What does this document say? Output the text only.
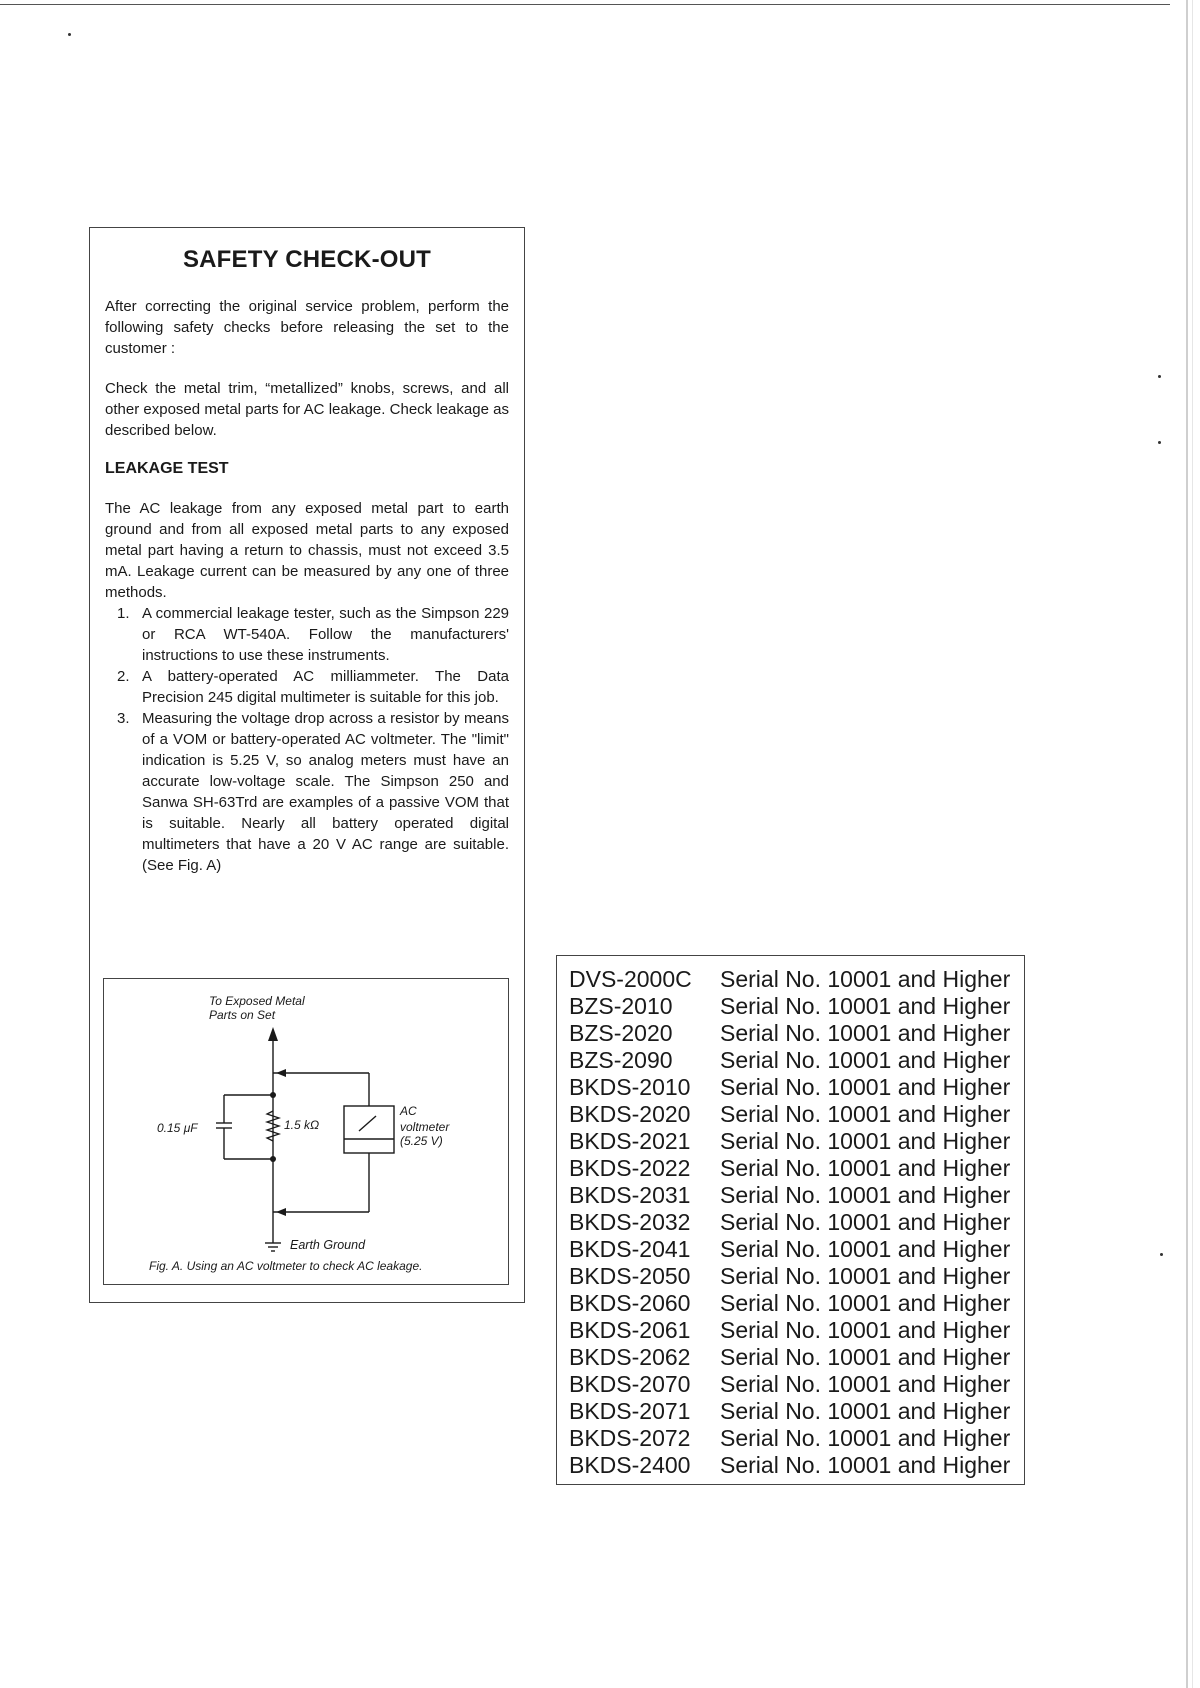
SAFETY CHECK-OUT

After correcting the original service problem, perform the following safety checks before releasing the set to the customer :

Check the metal trim, “metallized” knobs, screws, and all other exposed metal parts for AC leakage. Check leakage as described below.

LEAKAGE TEST

The AC leakage from any exposed metal part to earth ground and from all exposed metal parts to any exposed metal part having a return to chassis, must not exceed 3.5 mA. Leakage current can be measured by any one of three methods.

1. A commercial leakage tester, such as the Simpson 229 or RCA WT-540A. Follow the manufacturers' instructions to use these instruments.
2. A battery-operated AC milliammeter. The Data Precision 245 digital multimeter is suitable for this job.
3. Measuring the voltage drop across a resistor by means of a VOM or battery-operated AC voltmeter. The "limit" indication is 5.25 V, so analog meters must have an accurate low-voltage scale. The Simpson 250 and Sanwa SH-63Trd are examples of a passive VOM that is suitable. Nearly all battery operated digital multimeters that have a 20 V AC range are suitable. (See Fig. A)
To Exposed Metal
Parts on Set
0.15 μF	1.5 kΩ
AC
voltmeter
(5.25 V)
Earth Ground
Fig. A. Using an AC voltmeter to check AC leakage.
DVS-2000C Serial No. 10001 and Higher
BZS-2010 Serial No. 10001 and Higher
BZS-2020 Serial No. 10001 and Higher
BZS-2090 Serial No. 10001 and Higher
BKDS-2010 Serial No. 10001 and Higher
BKDS-2020 Serial No. 10001 and Higher
BKDS-2021 Serial No. 10001 and Higher
BKDS-2022 Serial No. 10001 and Higher
BKDS-2031 Serial No. 10001 and Higher
BKDS-2032 Serial No. 10001 and Higher
BKDS-2041 Serial No. 10001 and Higher
BKDS-2050 Serial No. 10001 and Higher
BKDS-2060 Serial No. 10001 and Higher
BKDS-2061 Serial No. 10001 and Higher
BKDS-2062 Serial No. 10001 and Higher
BKDS-2070 Serial No. 10001 and Higher
BKDS-2071 Serial No. 10001 and Higher
BKDS-2072 Serial No. 10001 and Higher
BKDS-2400 Serial No. 10001 and Higher
